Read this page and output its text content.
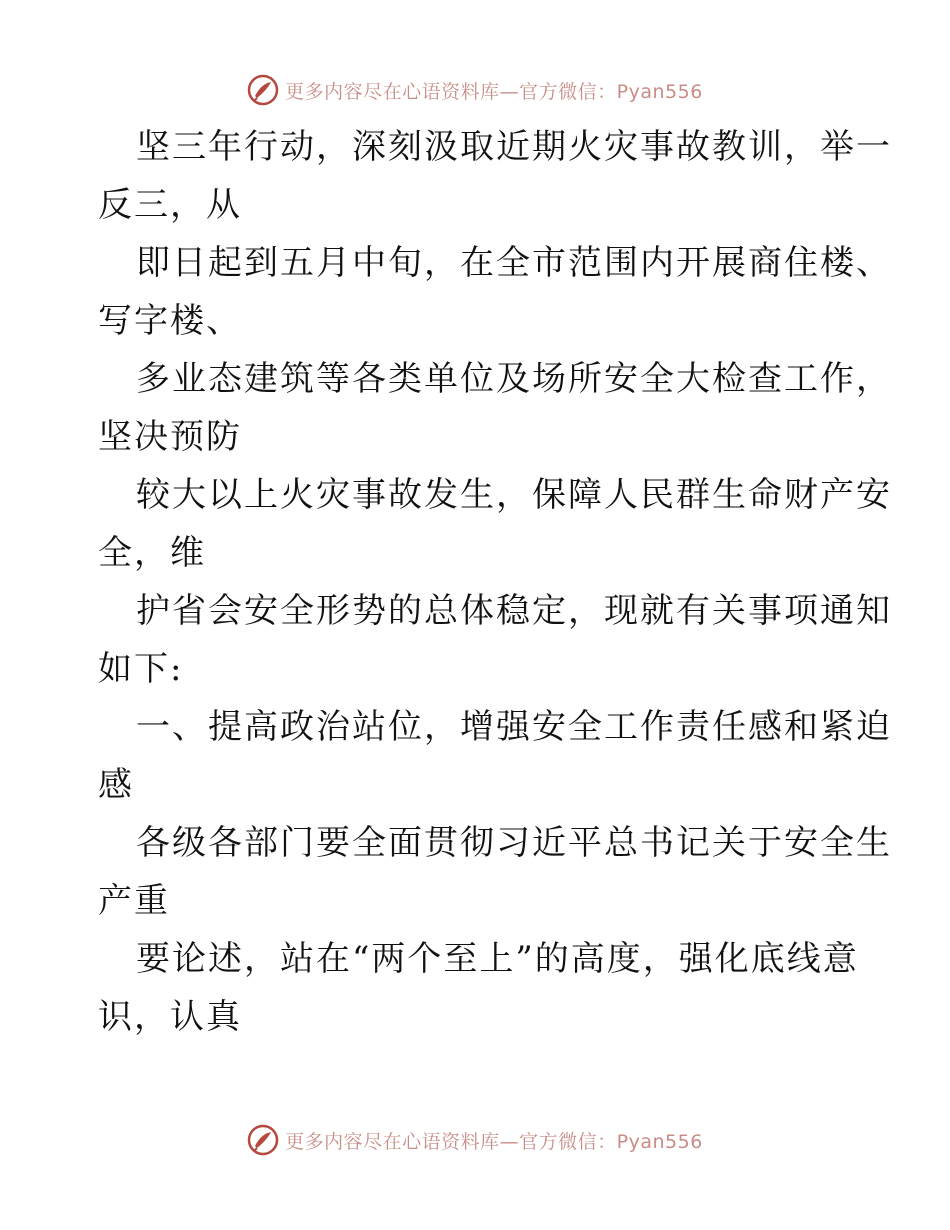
更多内容尽在心语资料库—官方微信：Pyan556
坚三年行动，深刻汲取近期火灾事故教训，举一
反三，从
即日起到五月中旬，在全市范围内开展商住楼、
写字楼、
多业态建筑等各类单位及场所安全大检查工作，
坚决预防
较大以上火灾事故发生，保障人民群生命财产安
全，维
护省会安全形势的总体稳定，现就有关事项通知
如下:
一、提高政治站位，增强安全工作责任感和紧迫
感
各级各部门要全面贯彻习近平总书记关于安全生
产重
要论述，站在“两个至上”的高度，强化底线意
识，认真
更多内容尽在心语资料库—官方微信：Pyan556
